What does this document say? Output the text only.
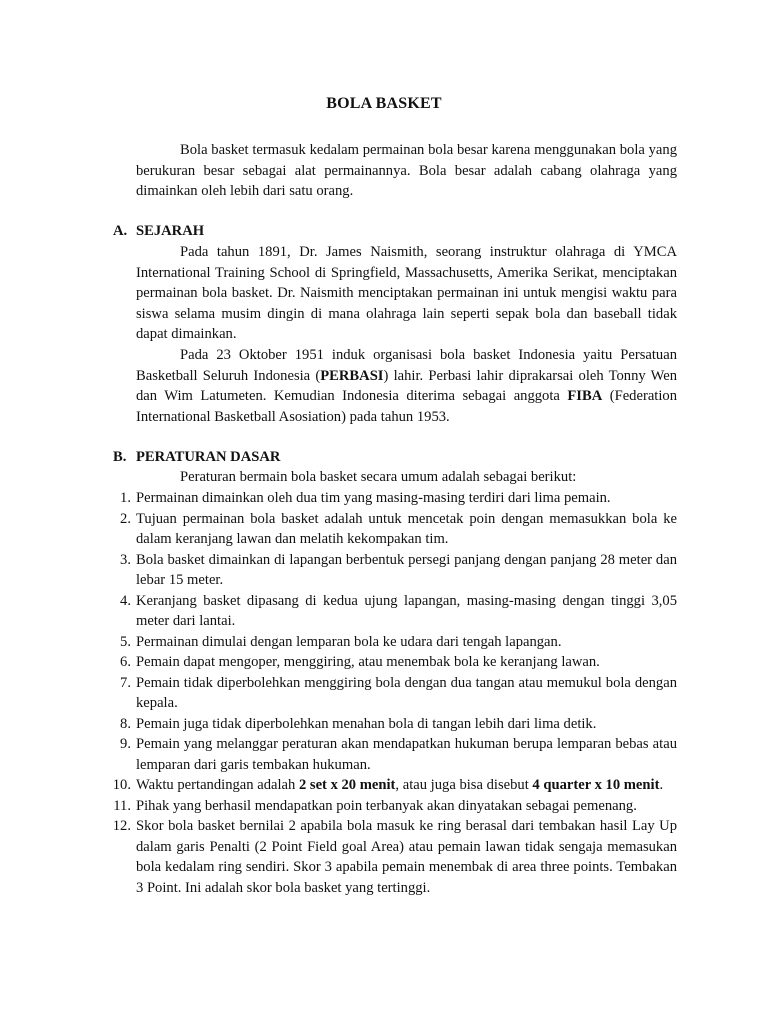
BOLA BASKET

Bola basket termasuk kedalam permainan bola besar karena menggunakan bola yang berukuran besar sebagai alat permainannya. Bola besar adalah cabang olahraga yang dimainkan oleh lebih dari satu orang.

A. SEJARAH

Pada tahun 1891, Dr. James Naismith, seorang instruktur olahraga di YMCA International Training School di Springfield, Massachusetts, Amerika Serikat, menciptakan permainan bola basket. Dr. Naismith menciptakan permainan ini untuk mengisi waktu para siswa selama musim dingin di mana olahraga lain seperti sepak bola dan baseball tidak dapat dimainkan.

Pada 23 Oktober 1951 induk organisasi bola basket Indonesia yaitu Persatuan Basketball Seluruh Indonesia (PERBASI) lahir. Perbasi lahir diprakarsai oleh Tonny Wen dan Wim Latumeten. Kemudian Indonesia diterima sebagai anggota FIBA (Federation International Basketball Asosiation) pada tahun 1953.

B. PERATURAN DASAR

Peraturan bermain bola basket secara umum adalah sebagai berikut:

1. Permainan dimainkan oleh dua tim yang masing-masing terdiri dari lima pemain.
2. Tujuan permainan bola basket adalah untuk mencetak poin dengan memasukkan bola ke dalam keranjang lawan dan melatih kekompakan tim.
3. Bola basket dimainkan di lapangan berbentuk persegi panjang dengan panjang 28 meter dan lebar 15 meter.
4. Keranjang basket dipasang di kedua ujung lapangan, masing-masing dengan tinggi 3,05 meter dari lantai.
5. Permainan dimulai dengan lemparan bola ke udara dari tengah lapangan.
6. Pemain dapat mengoper, menggiring, atau menembak bola ke keranjang lawan.
7. Pemain tidak diperbolehkan menggiring bola dengan dua tangan atau memukul bola dengan kepala.
8. Pemain juga tidak diperbolehkan menahan bola di tangan lebih dari lima detik.
9. Pemain yang melanggar peraturan akan mendapatkan hukuman berupa lemparan bebas atau lemparan dari garis tembakan hukuman.
10. Waktu pertandingan adalah 2 set x 20 menit, atau juga bisa disebut 4 quarter x 10 menit.
11. Pihak yang berhasil mendapatkan poin terbanyak akan dinyatakan sebagai pemenang.
12. Skor bola basket bernilai 2 apabila bola masuk ke ring berasal dari tembakan hasil Lay Up dalam garis Penalti (2 Point Field goal Area) atau pemain lawan tidak sengaja memasukan bola kedalam ring sendiri. Skor 3 apabila pemain menembak di area three points. Tembakan 3 Point. Ini adalah skor bola basket yang tertinggi.
